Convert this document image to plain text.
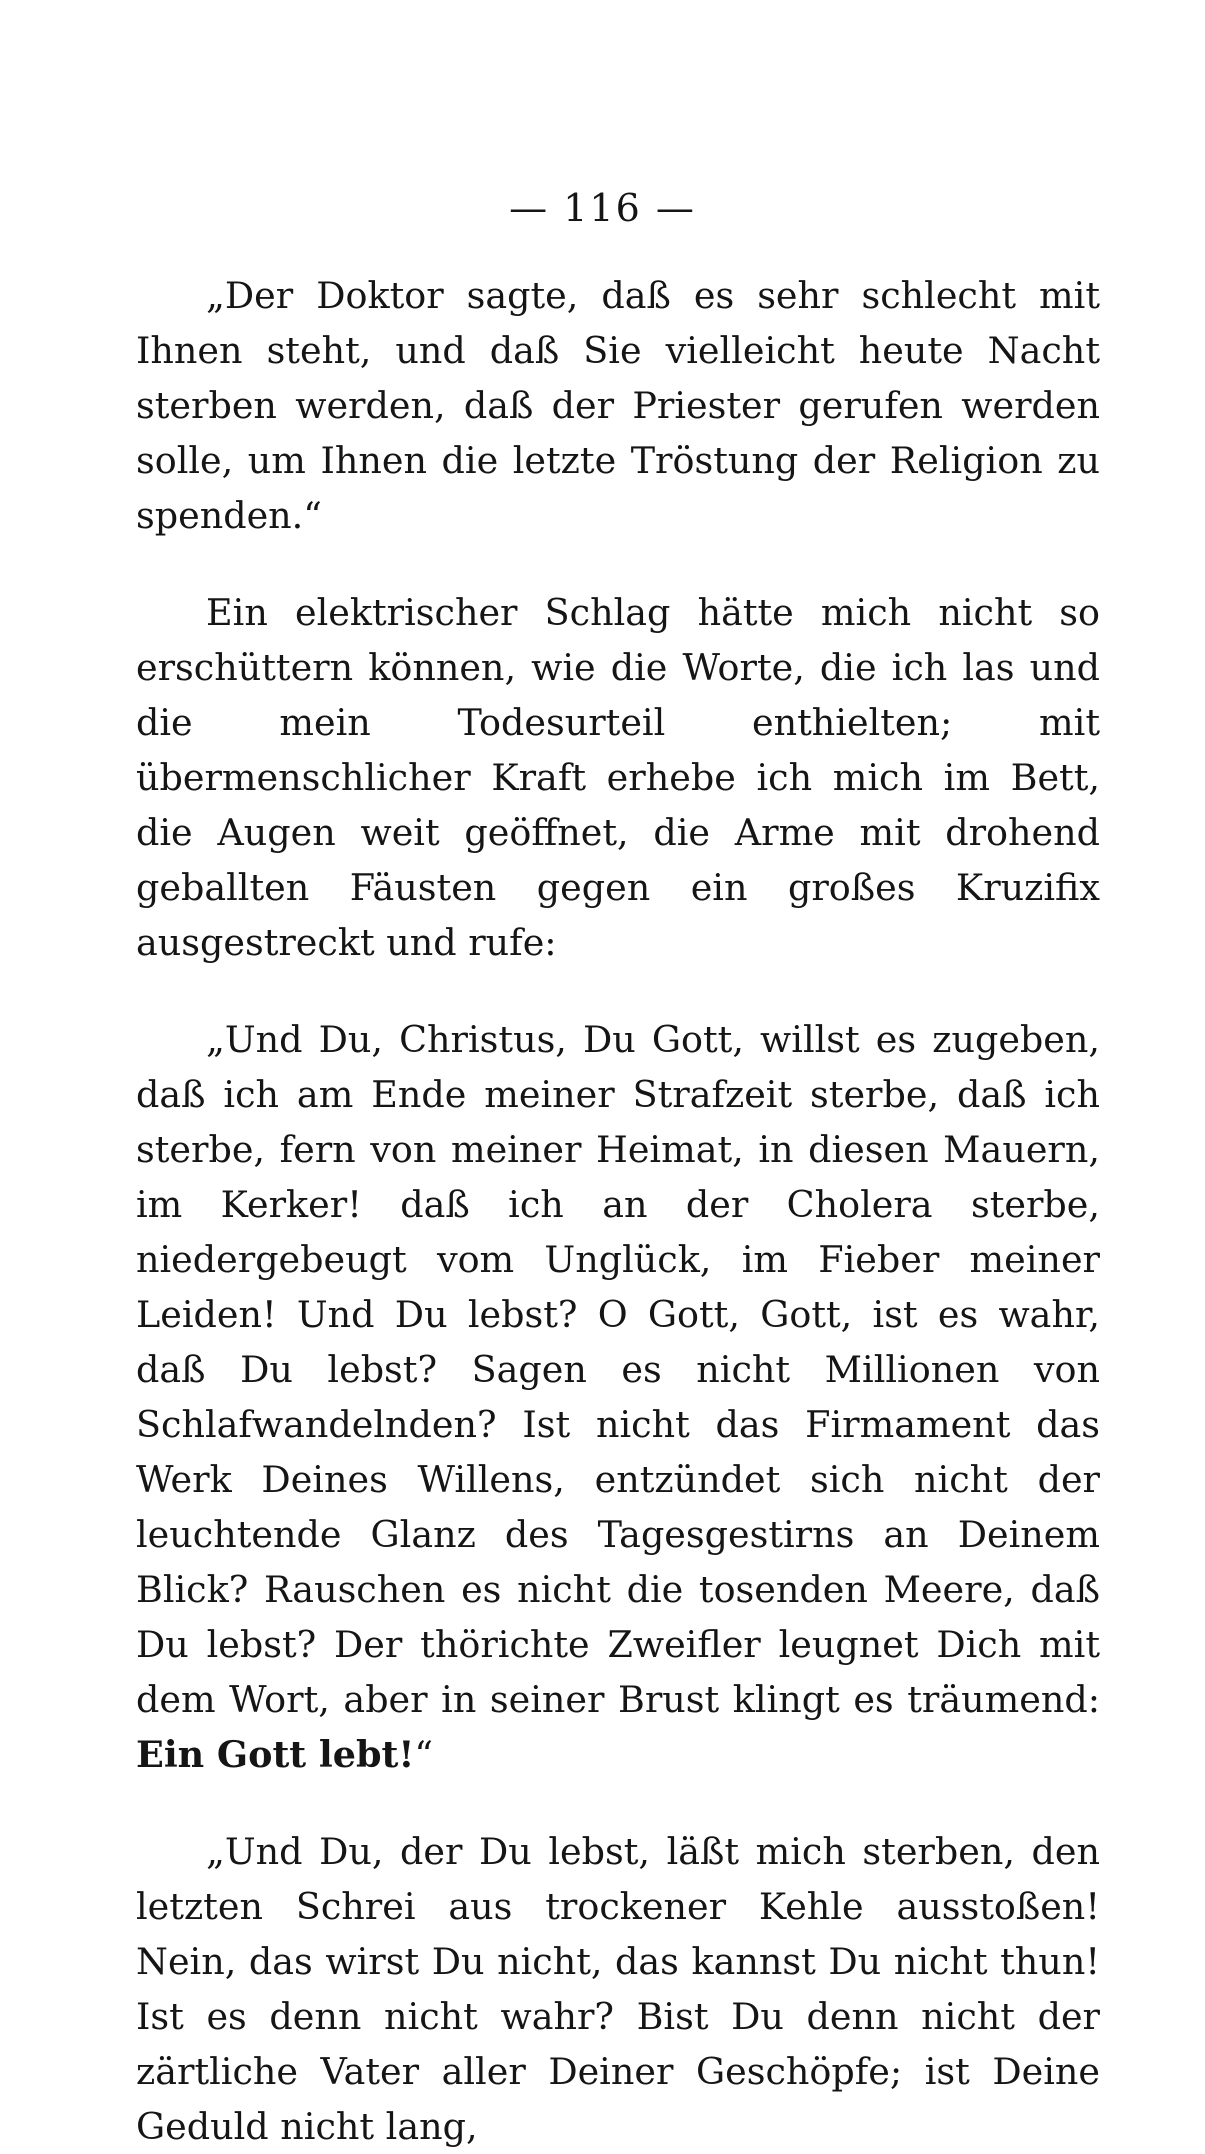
— 116 —

„Der Doktor sagte, daß es sehr schlecht mit Ihnen steht, und daß Sie vielleicht heute Nacht sterben werden, daß der Priester gerufen werden solle, um Ihnen die letzte Tröstung der Religion zu spenden.“

Ein elektrischer Schlag hätte mich nicht so erschüttern können, wie die Worte, die ich las und die mein Todesurteil enthielten; mit übermenschlicher Kraft erhebe ich mich im Bett, die Augen weit geöffnet, die Arme mit drohend geballten Fäusten gegen ein großes Kruzifix ausgestreckt und rufe:

„Und Du, Christus, Du Gott, willst es zugeben, daß ich am Ende meiner Strafzeit sterbe, daß ich sterbe, fern von meiner Heimat, in diesen Mauern, im Kerker! daß ich an der Cholera sterbe, niedergebeugt vom Unglück, im Fieber meiner Leiden! Und Du lebst? O Gott, Gott, ist es wahr, daß Du lebst? Sagen es nicht Millionen von Schlafwandelnden? Ist nicht das Firmament das Werk Deines Willens, entzündet sich nicht der leuchtende Glanz des Tagesgestirns an Deinem Blick? Rauschen es nicht die tosenden Meere, daß Du lebst? Der thörichte Zweifler leugnet Dich mit dem Wort, aber in seiner Brust klingt es träumend: Ein Gott lebt!“

„Und Du, der Du lebst, läßt mich sterben, den letzten Schrei aus trockener Kehle ausstoßen! Nein, das wirst Du nicht, das kannst Du nicht thun! Ist es denn nicht wahr? Bist Du denn nicht der zärtliche Vater aller Deiner Geschöpfe; ist Deine Geduld nicht lang,
